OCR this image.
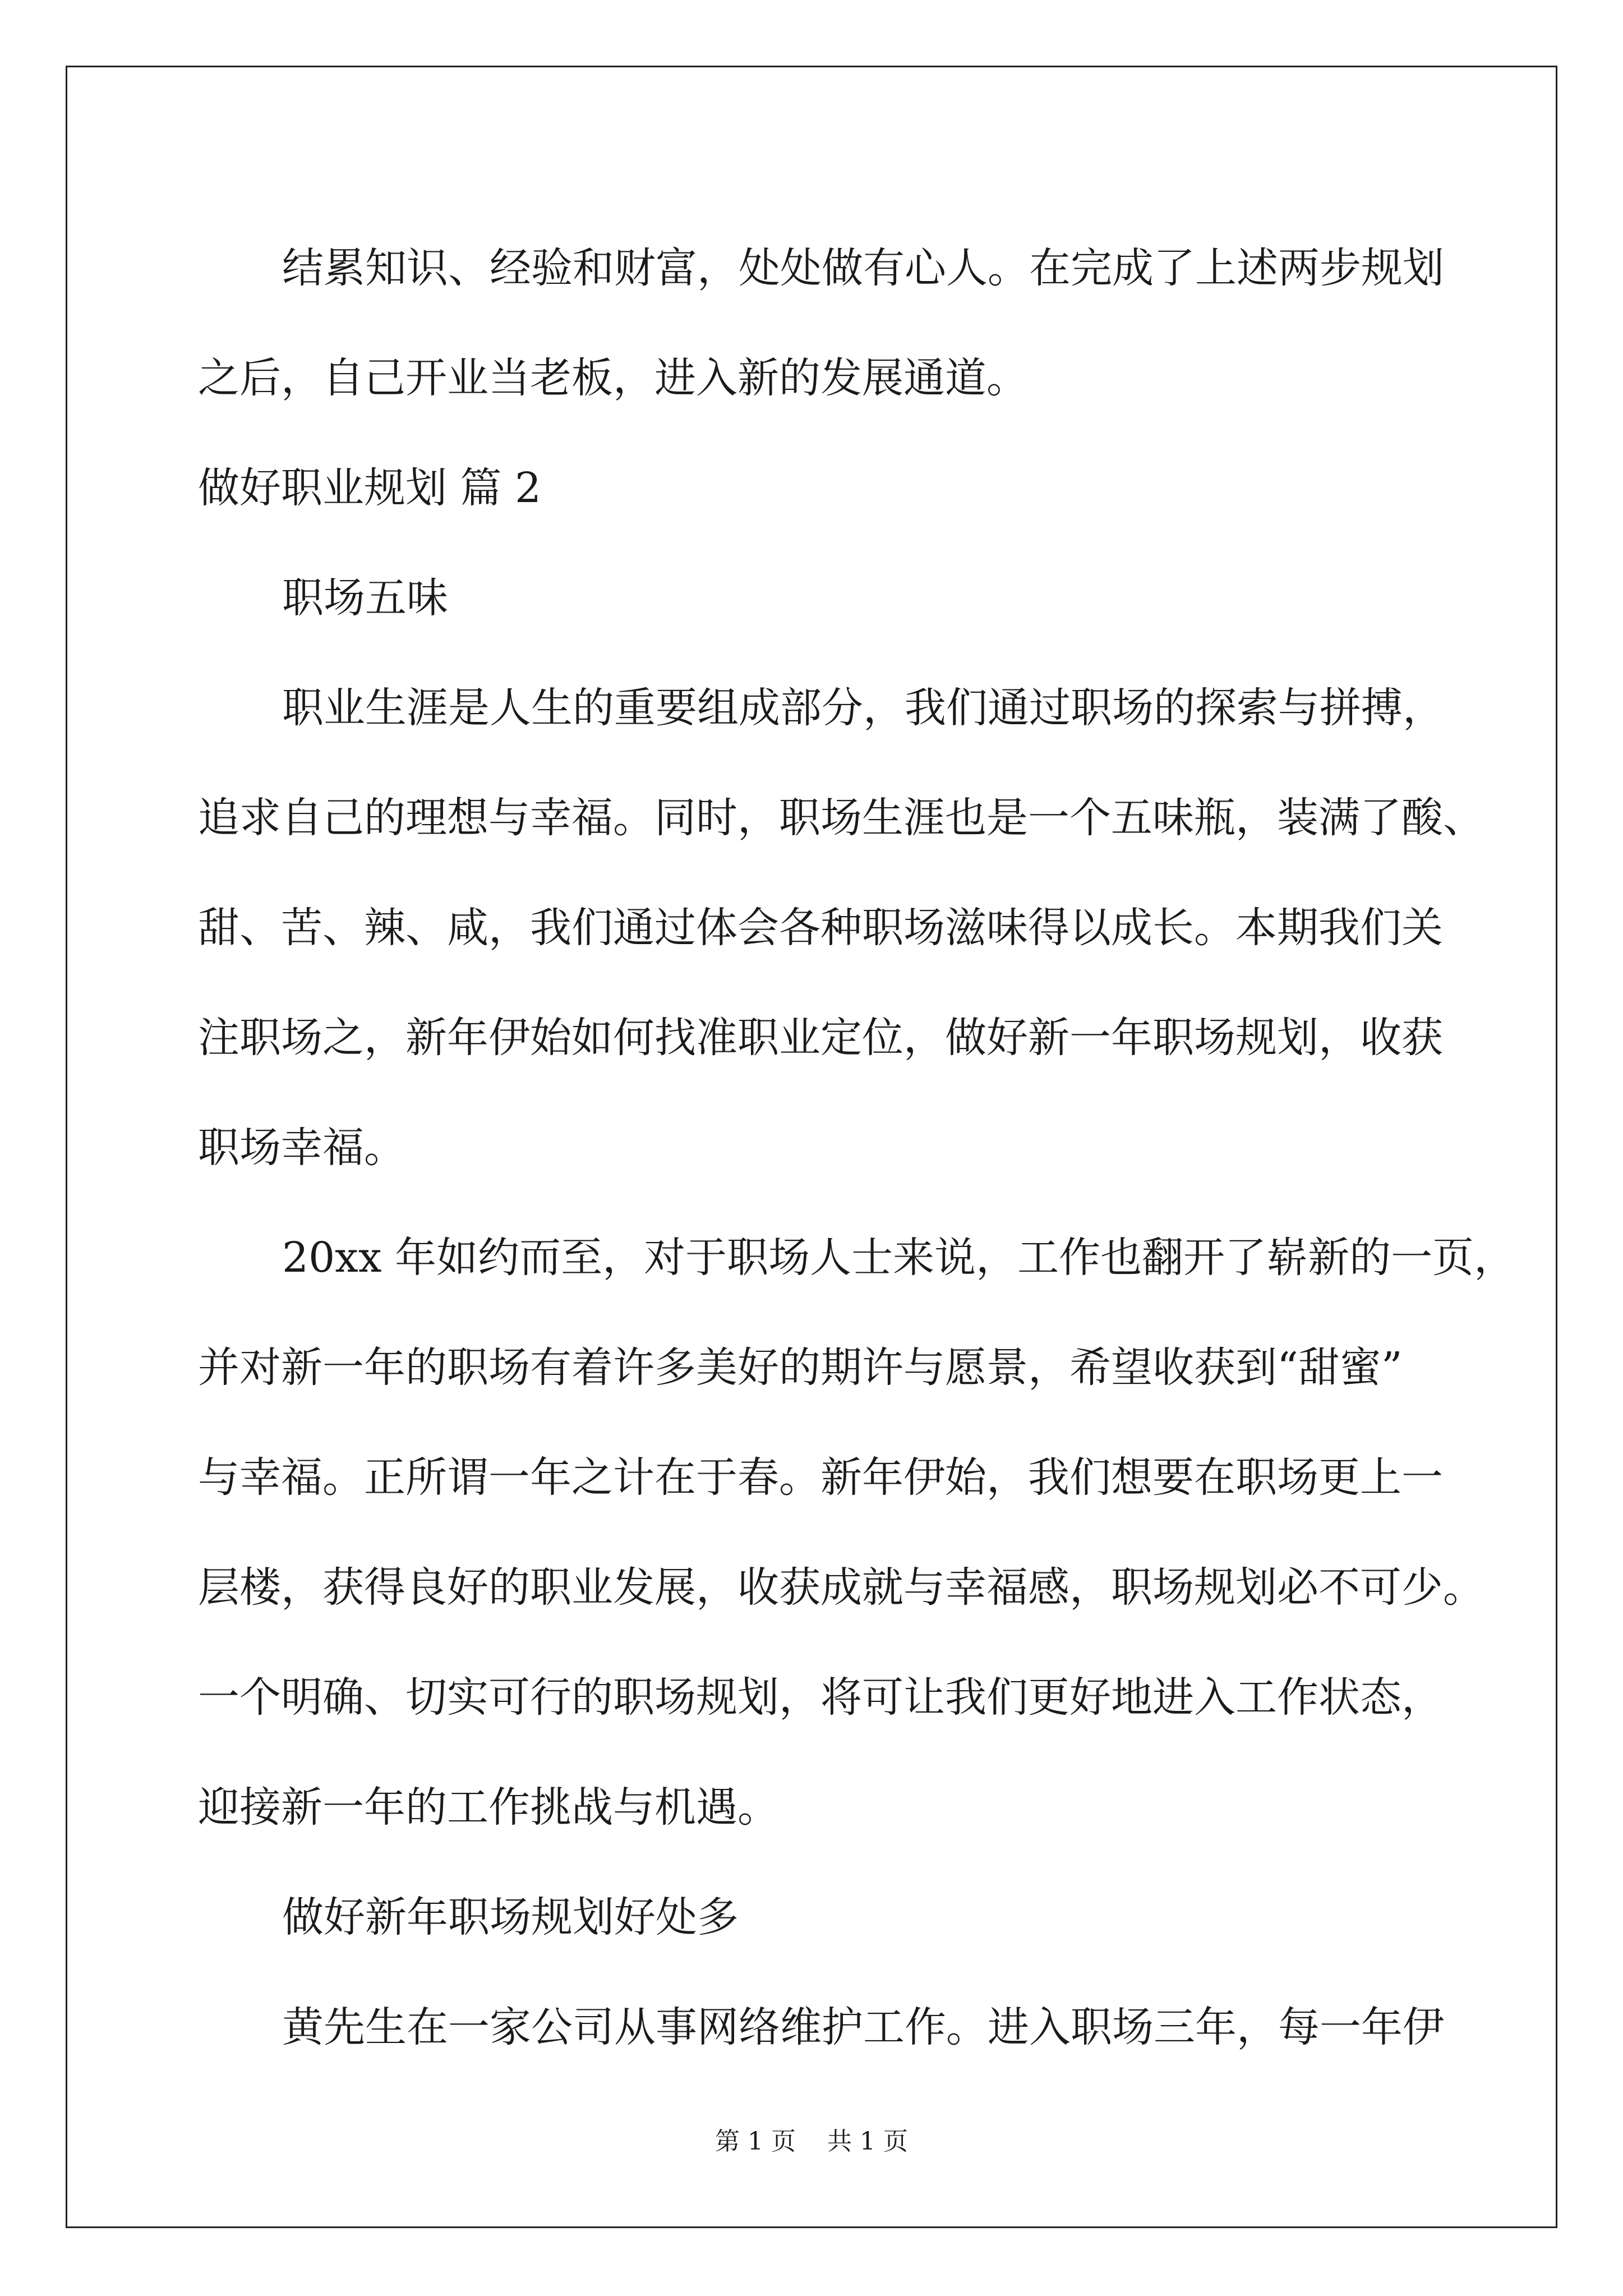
结累知识、经验和财富，处处做有心人。在完成了上述两步规划

之后，自己开业当老板，进入新的发展通道。

做好职业规划 篇 2

职场五味

职业生涯是人生的重要组成部分，我们通过职场的探索与拼搏，

追求自己的理想与幸福。同时，职场生涯也是一个五味瓶，装满了酸、

甜、苦、辣、咸，我们通过体会各种职场滋味得以成长。本期我们关

注职场之，新年伊始如何找准职业定位，做好新一年职场规划，收获

职场幸福。

20xx 年如约而至，对于职场人士来说，工作也翻开了崭新的一页，

并对新一年的职场有着许多美好的期许与愿景，希望收获到“甜蜜”

与幸福。正所谓一年之计在于春。新年伊始，我们想要在职场更上一

层楼，获得良好的职业发展，收获成就与幸福感，职场规划必不可少。

一个明确、切实可行的职场规划，将可让我们更好地进入工作状态，

迎接新一年的工作挑战与机遇。

做好新年职场规划好处多

黄先生在一家公司从事网络维护工作。进入职场三年，每一年伊

第 1 页 共 1 页
